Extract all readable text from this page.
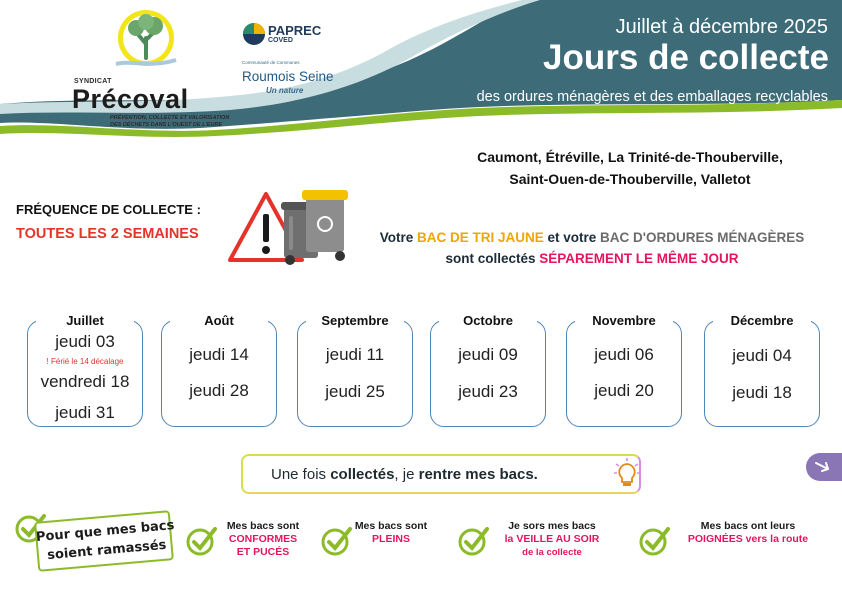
SYNDICAT
Précoval
PRÉVENTION, COLLECTE ET VALORISATION DES DÉCHETS DANS L'OUEST DE L'EURE
PAPREC
COVED
Communauté de Communes
Roumois Seine
Un nature
Juillet à décembre 2025
Jours de collecte
des ordures ménagères et des emballages recyclables
Caumont, Étréville, La Trinité-de-Thouberville,
Saint-Ouen-de-Thouberville, Valletot
FRÉQUENCE DE COLLECTE :
TOUTES LES 2 SEMAINES	Votre BAC DE TRI JAUNE et votre BAC D'ORDURES MÉNAGÈRES
sont collectés SÉPAREMENT LE MÊME JOUR
Juillet
jeudi 03
! Férié le 14 décalage
vendredi 18
jeudi 31
Août
jeudi 14
jeudi 28
Septembre
jeudi 11
jeudi 25
Octobre
jeudi 09
jeudi 23
Novembre
jeudi 06
jeudi 20
Décembre
jeudi 04
jeudi 18
Une fois collectés, je rentre mes bacs.
Pour que mes bacs soient ramassés
Mes bacs sont
CONFORMES ET PUCÉS
Mes bacs sont
PLEINS
Je sors mes bacs
la VEILLE AU SOIR
de la collecte
Mes bacs ont leurs
POIGNÉES vers la route
